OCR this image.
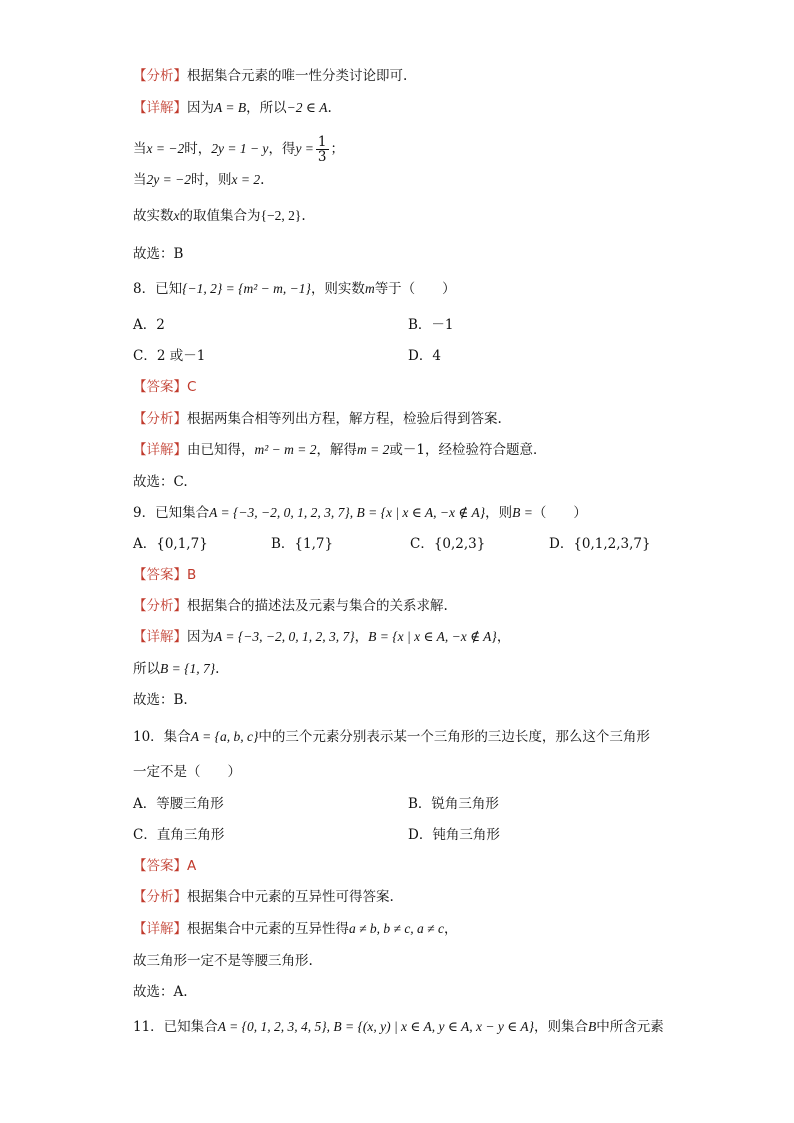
【分析】根据集合元素的唯一性分类讨论即可.
【详解】因为A = B，所以−2 ∈ A.
当x = −2时，2y = 1 − y，得$y = \frac{1}{3}$ ；
当2y = −2时，则x = 2.
故实数x的取值集合为{−2, 2}.
故选：B
8．已知{−1, 2} = {m² − m, −1}，则实数m等于（　　）
A．2	B．－1
C．2 或－1	D．4
【答案】C
【分析】根据两集合相等列出方程，解方程，检验后得到答案.
【详解】由已知得，m² − m = 2，解得m = 2或－1，经检验符合题意．
故选：C.
9．已知集合A = {−3, −2, 0, 1, 2, 3, 7}, B = {x | x ∈ A, −x ∉ A}，则B =（　　）
A．{0,1,7}	B．{1,7}	C．{0,2,3}	D．{0,1,2,3,7}
【答案】B
【分析】根据集合的描述法及元素与集合的关系求解.
【详解】因为A = {−3, −2, 0, 1, 2, 3, 7}，B = {x | x ∈ A, −x ∉ A}，
所以B = {1, 7}.
故选：B.
10．集合A = {a, b, c}中的三个元素分别表示某一个三角形的三边长度，那么这个三角形
一定不是（　　）
A．等腰三角形	B．锐角三角形
C．直角三角形	D．钝角三角形
【答案】A
【分析】根据集合中元素的互异性可得答案.
【详解】根据集合中元素的互异性得a ≠ b, b ≠ c, a ≠ c，
故三角形一定不是等腰三角形.
故选：A.
11．已知集合A = {0, 1, 2, 3, 4, 5}, B = {(x, y) | x ∈ A, y ∈ A, x − y ∈ A}，则集合B中所含元素
